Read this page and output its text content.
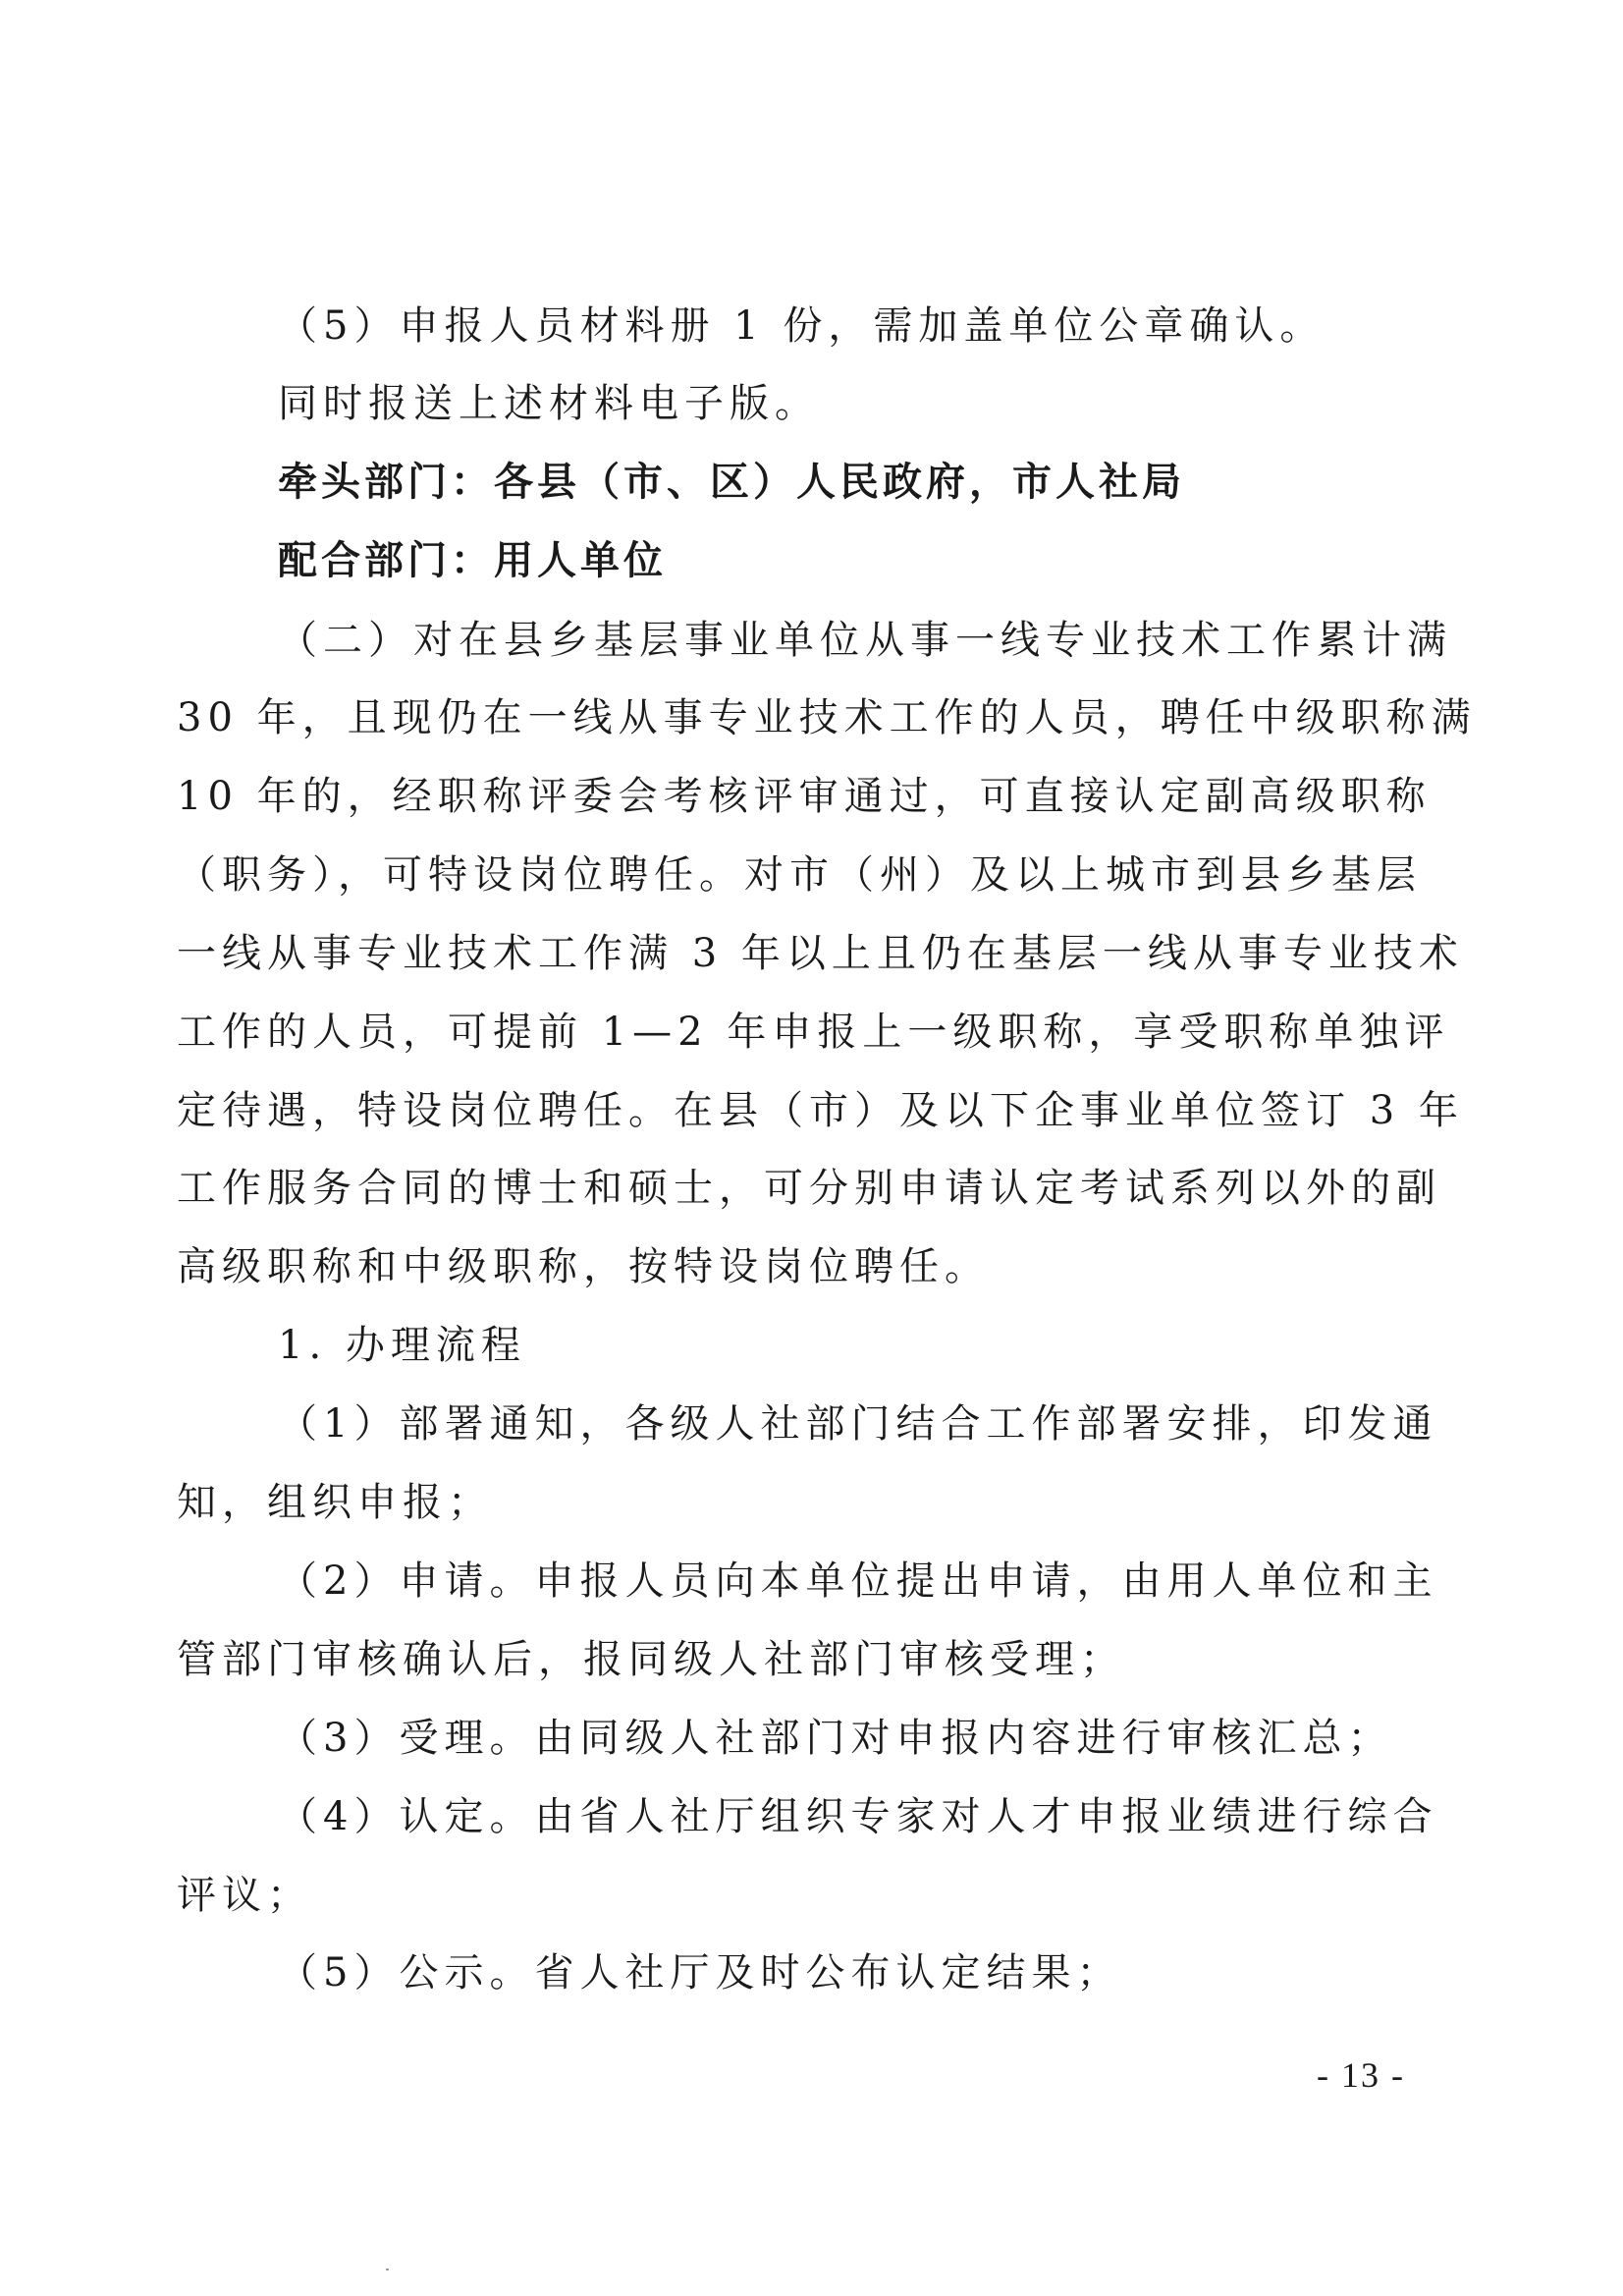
（5）申报人员材料册 1 份，需加盖单位公章确认。
同时报送上述材料电子版。
牵头部门：各县（市、区）人民政府，市人社局
配合部门：用人单位
（二）对在县乡基层事业单位从事一线专业技术工作累计满
30 年，且现仍在一线从事专业技术工作的人员，聘任中级职称满
10 年的，经职称评委会考核评审通过，可直接认定副高级职称
（职务），可特设岗位聘任。对市（州）及以上城市到县乡基层
一线从事专业技术工作满 3 年以上且仍在基层一线从事专业技术
工作的人员，可提前 1—2 年申报上一级职称，享受职称单独评
定待遇，特设岗位聘任。在县（市）及以下企事业单位签订 3 年
工作服务合同的博士和硕士，可分别申请认定考试系列以外的副
高级职称和中级职称，按特设岗位聘任。
1. 办理流程
（1）部署通知，各级人社部门结合工作部署安排，印发通
知，组织申报；
（2）申请。申报人员向本单位提出申请，由用人单位和主
管部门审核确认后，报同级人社部门审核受理；
（3）受理。由同级人社部门对申报内容进行审核汇总；
（4）认定。由省人社厅组织专家对人才申报业绩进行综合
评议；
（5）公示。省人社厅及时公布认定结果；
- 13 -
